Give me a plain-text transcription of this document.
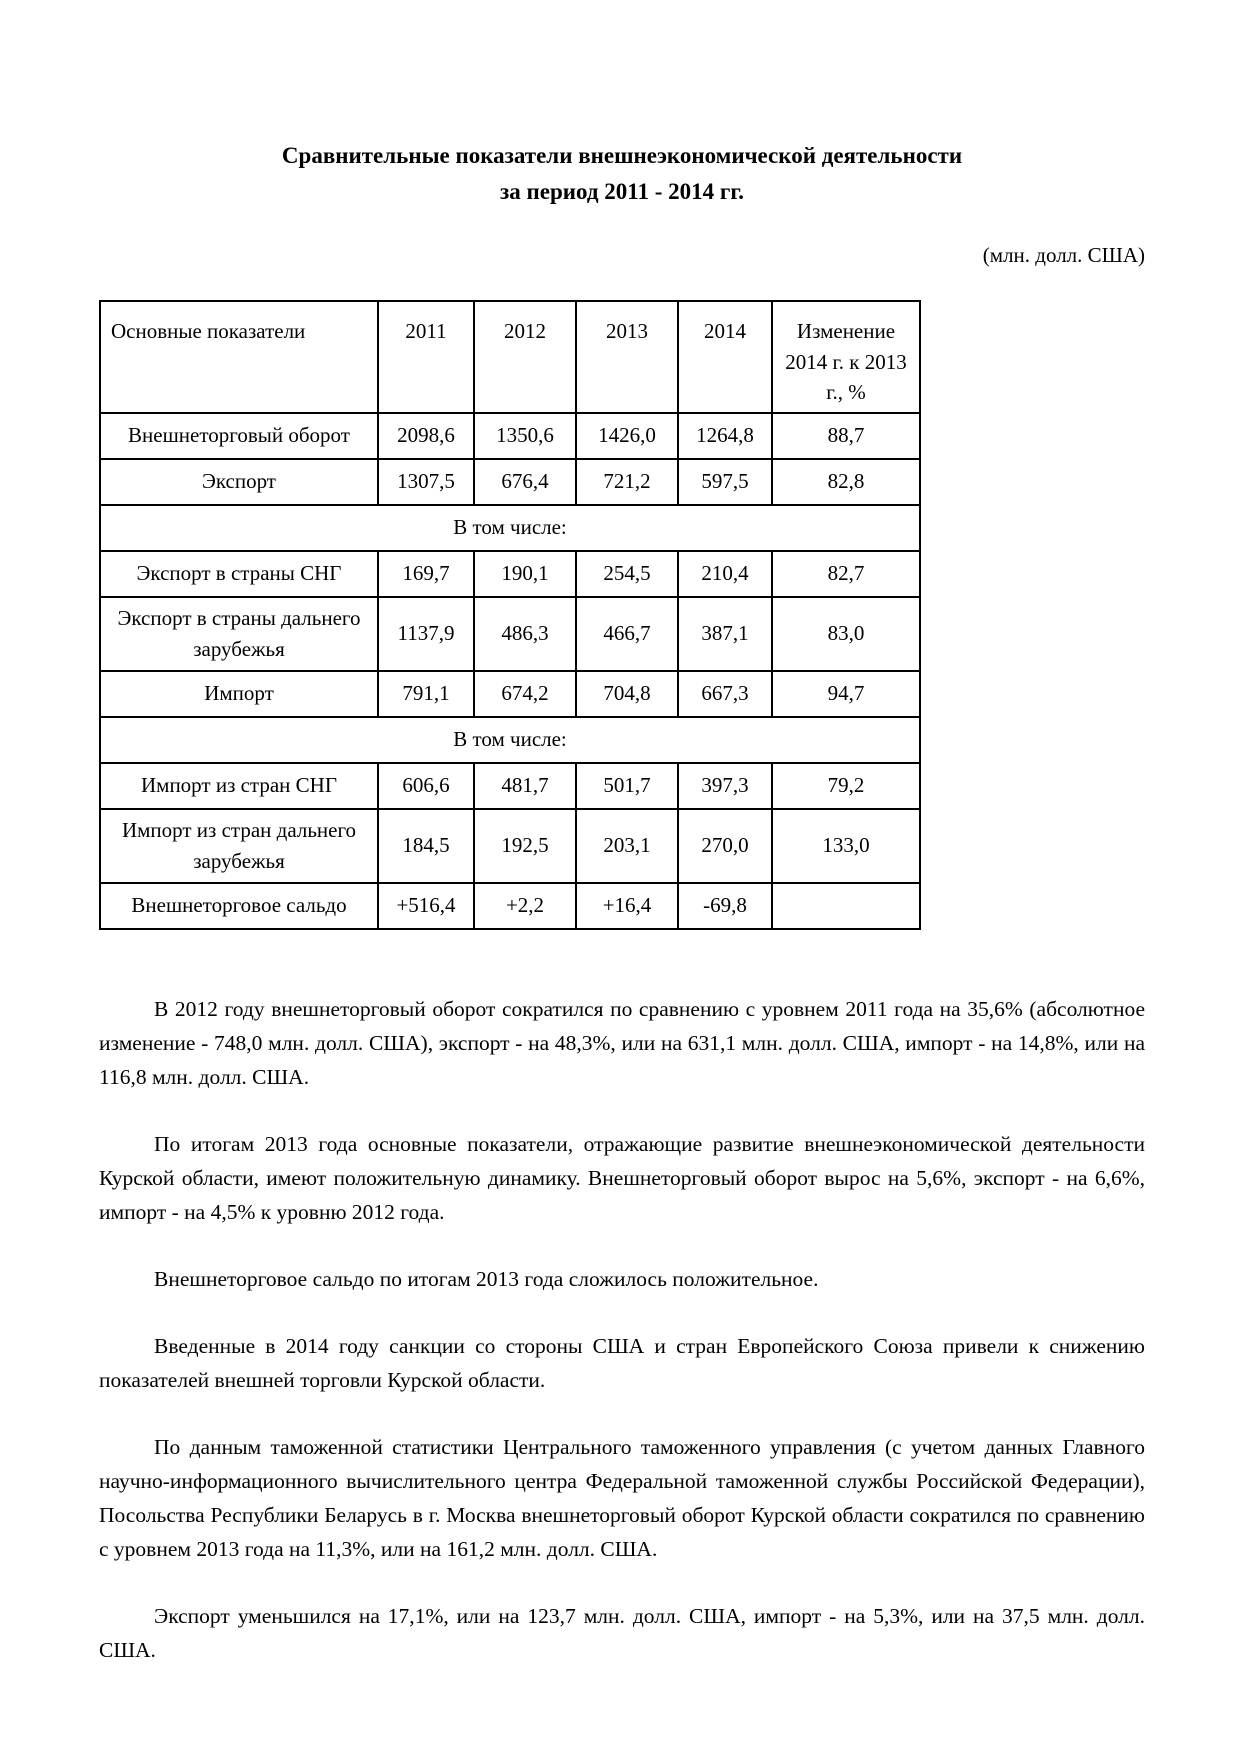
Сравнительные показатели внешнеэкономической деятельности
за период 2011 - 2014 гг.
(млн. долл. США)
Основные показатели	2011	2012	2013	2014	Изменение 2014 г. к 2013 г., %
Внешнеторговый оборот	2098,6	1350,6	1426,0	1264,8	88,7
Экспорт	1307,5	676,4	721,2	597,5	82,8
В том числе:					
Экспорт в страны СНГ	169,7	190,1	254,5	210,4	82,7
Экспорт в страны дальнего зарубежья	1137,9	486,3	466,7	387,1	83,0
Импорт	791,1	674,2	704,8	667,3	94,7
В том числе:					
Импорт из стран СНГ	606,6	481,7	501,7	397,3	79,2
Импорт из стран дальнего зарубежья	184,5	192,5	203,1	270,0	133,0
Внешнеторговое сальдо	+516,4	+2,2	+16,4	-69,8	

В 2012 году внешнеторговый оборот сократился по сравнению с уровнем 2011 года на 35,6% (абсолютное изменение - 748,0 млн. долл. США), экспорт - на 48,3%, или на 631,1 млн. долл. США, импорт - на 14,8%, или на 116,8 млн. долл. США.

По итогам 2013 года основные показатели, отражающие развитие внешнеэкономической деятельности Курской области, имеют положительную динамику. Внешнеторговый оборот вырос на 5,6%, экспорт - на 6,6%, импорт - на 4,5% к уровню 2012 года.

Внешнеторговое сальдо по итогам 2013 года сложилось положительное.

Введенные в 2014 году санкции со стороны США и стран Европейского Союза привели к снижению показателей внешней торговли Курской области.

По данным таможенной статистики Центрального таможенного управления (с учетом данных Главного научно-информационного вычислительного центра Федеральной таможенной службы Российской Федерации), Посольства Республики Беларусь в г. Москва внешнеторговый оборот Курской области сократился по сравнению с уровнем 2013 года на 11,3%, или на 161,2 млн. долл. США.

Экспорт уменьшился на 17,1%, или на 123,7 млн. долл. США, импорт - на 5,3%, или на 37,5 млн. долл. США.
